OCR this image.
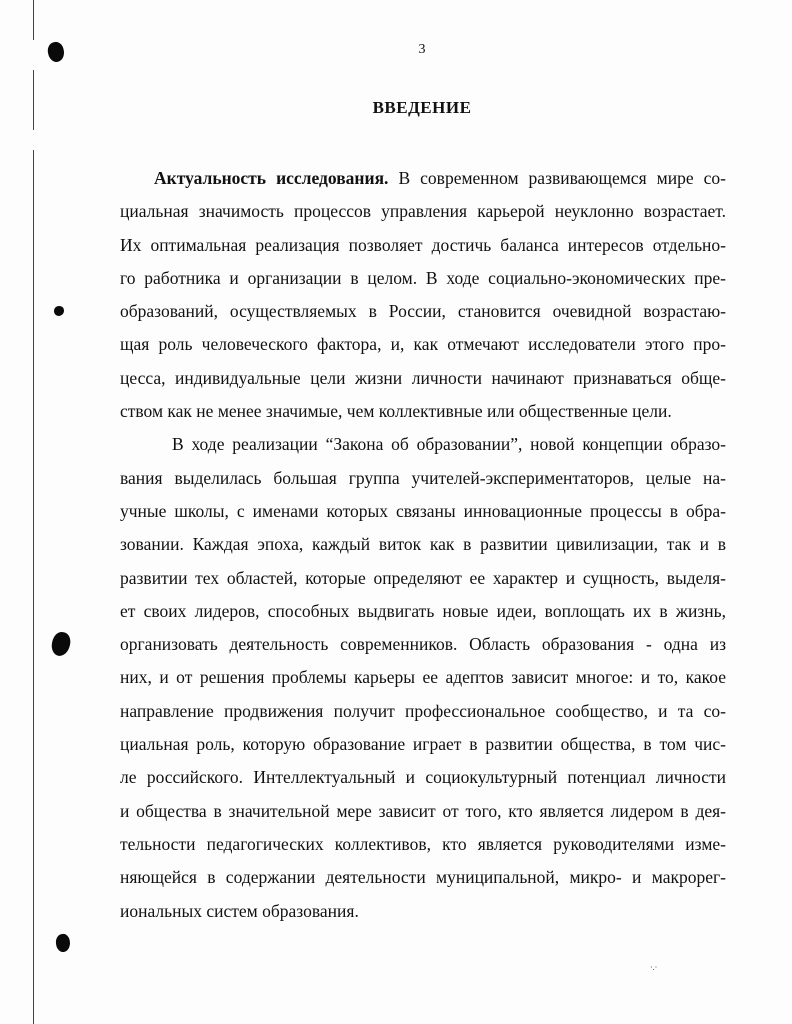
·.·
3
ВВЕДЕНИЕ
Актуальность исследования. В современном развивающемся мире со-
циальная значимость процессов управления карьерой неуклонно возрастает.
Их оптимальная реализация позволяет достичь баланса интересов отдельно-
го работника и организации в целом. В ходе социально-экономических пре-
образований, осуществляемых в России, становится очевидной возрастаю-
щая роль человеческого фактора, и, как отмечают исследователи этого про-
цесса, индивидуальные цели жизни личности начинают признаваться обще-
ством как не менее значимые, чем коллективные или общественные цели.
В ходе реализации “Закона об образовании”, новой концепции образо-
вания выделилась большая группа учителей-экспериментаторов, целые на-
учные школы, с именами которых связаны инновационные процессы в обра-
зовании. Каждая эпоха, каждый виток как в развитии цивилизации, так и в
развитии тех областей, которые определяют ее характер и сущность, выделя-
ет своих лидеров, способных выдвигать новые идеи, воплощать их в жизнь,
организовать деятельность современников. Область образования - одна из
них, и от решения проблемы карьеры ее адептов зависит многое: и то, какое
направление продвижения получит профессиональное сообщество, и та со-
циальная роль, которую образование играет в развитии общества, в том чис-
ле российского. Интеллектуальный и социокультурный потенциал личности
и общества в значительной мере зависит от того, кто является лидером в дея-
тельности педагогических коллективов, кто является руководителями изме-
няющейся в содержании деятельности муниципальной, микро- и макрорег-
иональных систем образования.
